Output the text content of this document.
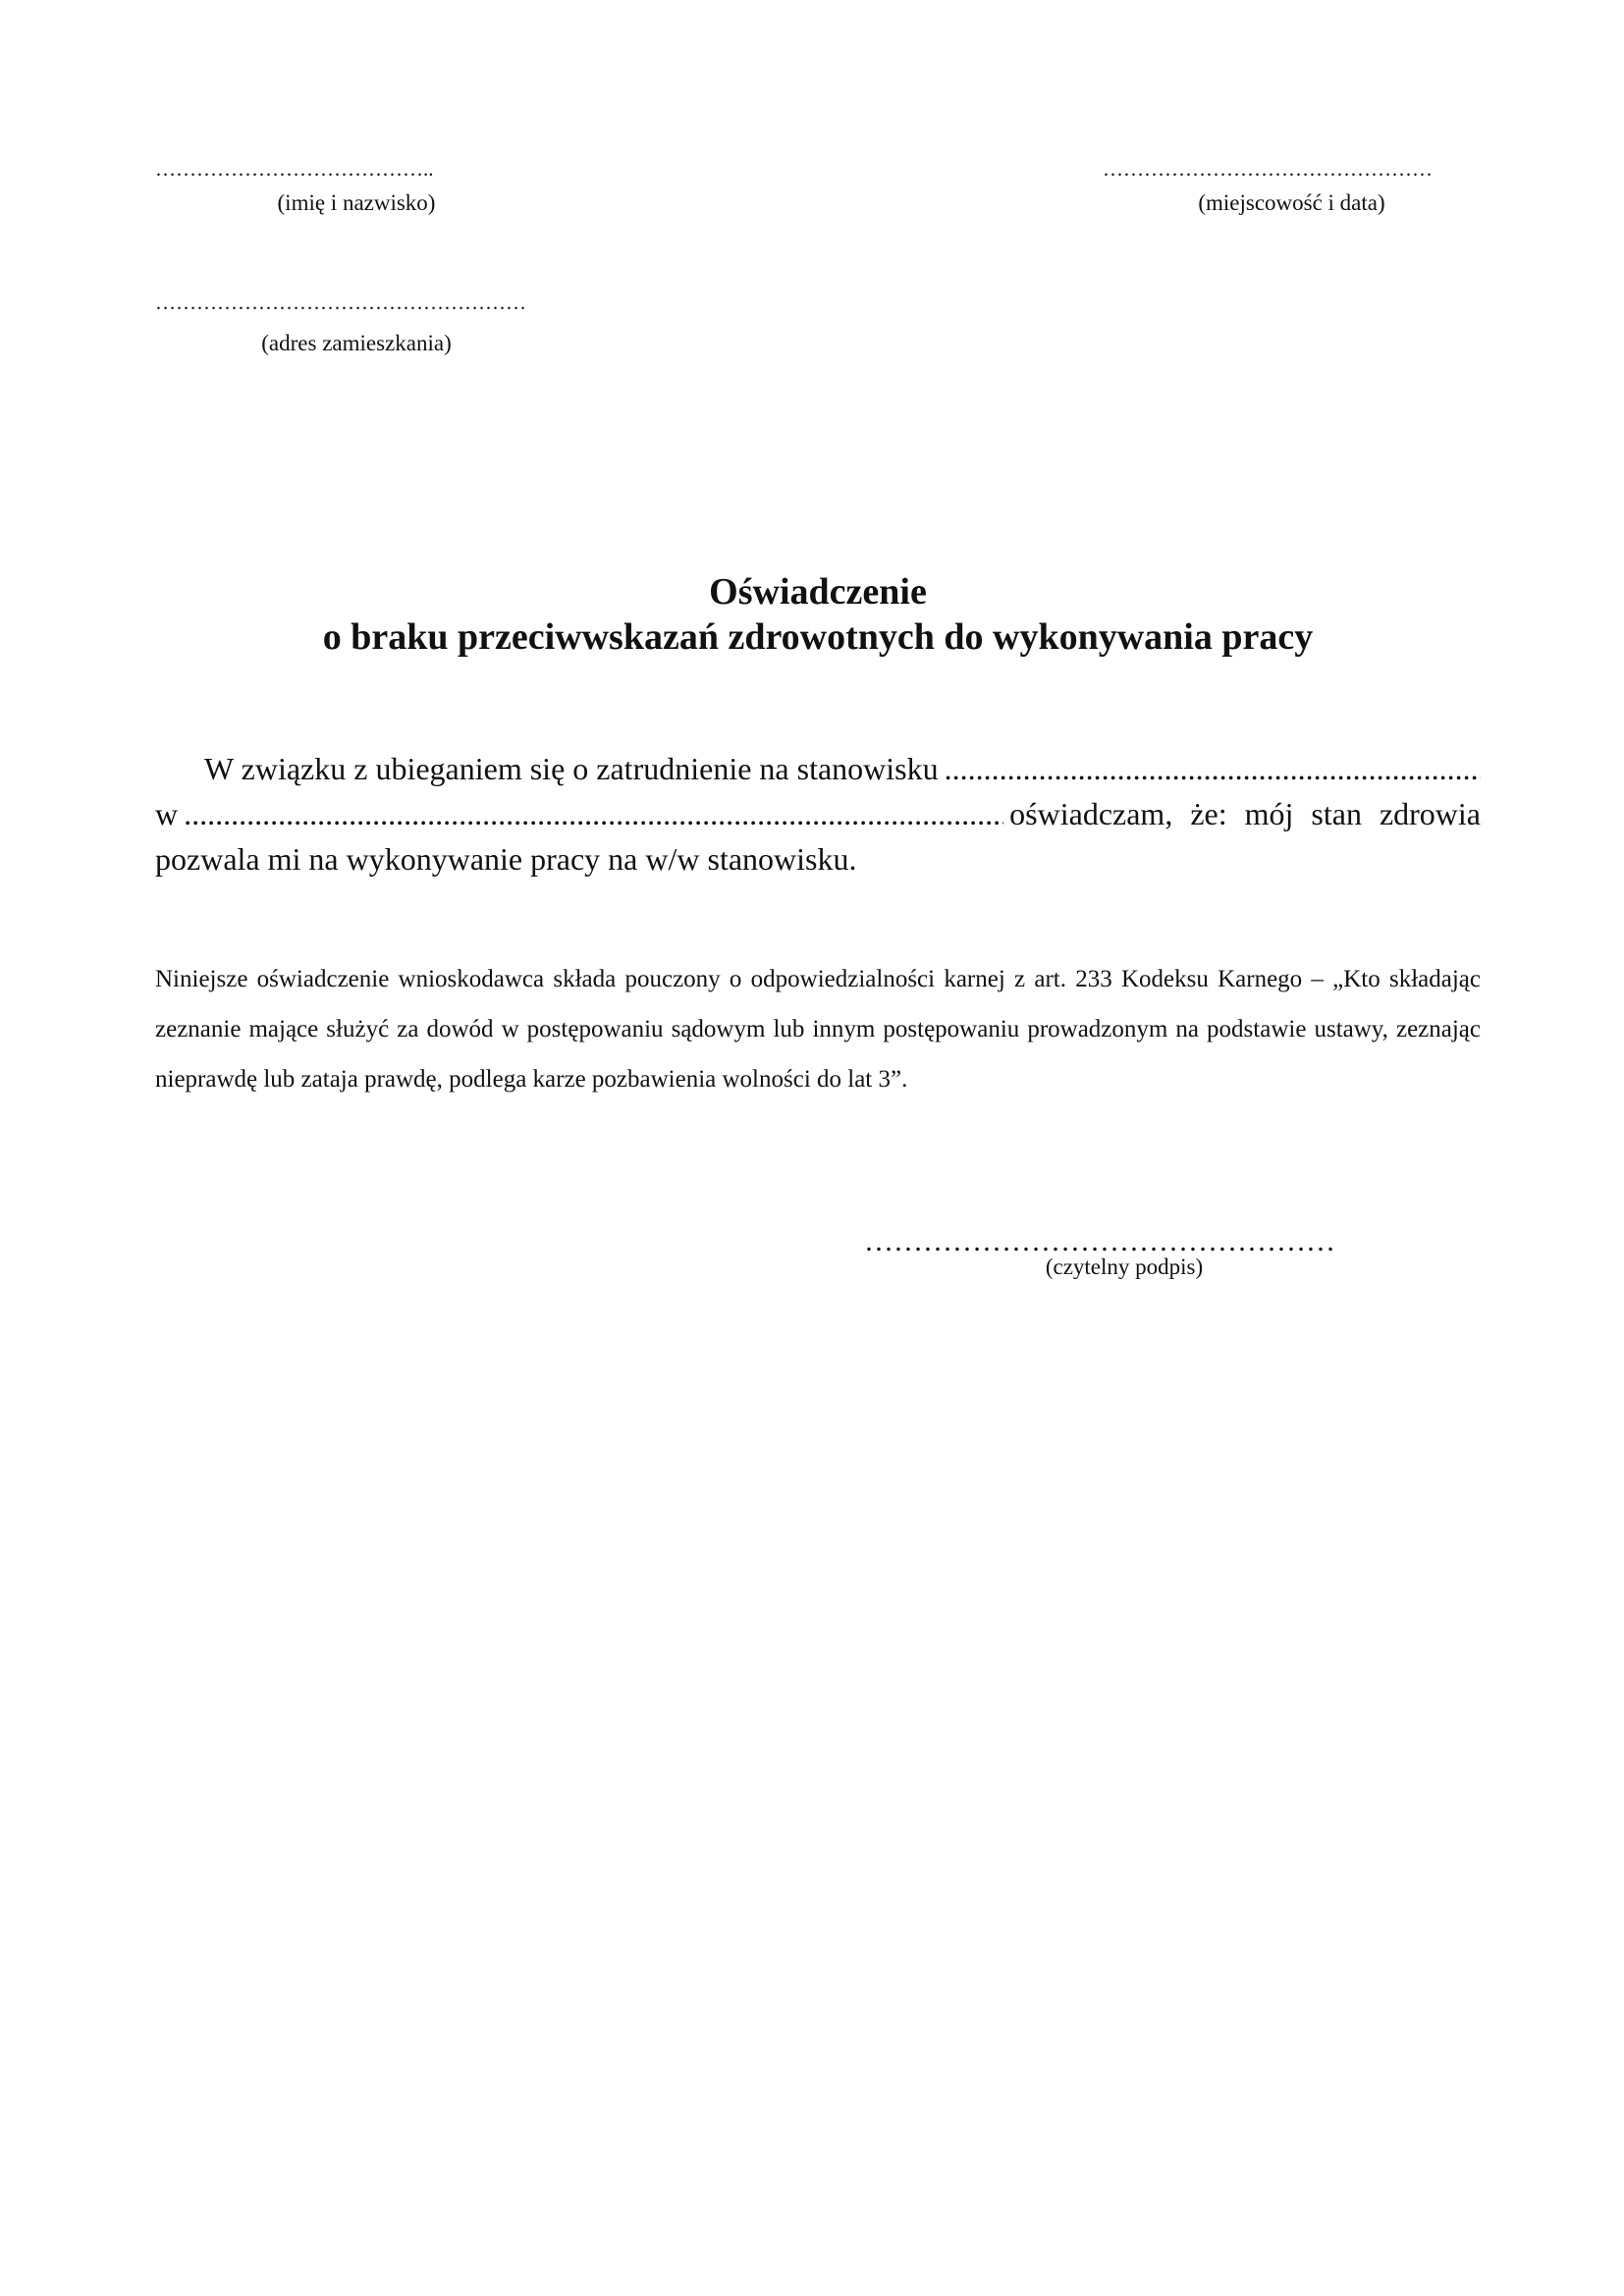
…………………………………..
(imię i nazwisko)
…………………………………………
(miejscowość i data)
………………………………………………
(adres zamieszkania)
Oświadczenie
o braku przeciwwskazań zdrowotnych do wykonywania pracy
W związku z ubieganiem się o zatrudnienie na stanowisku
.....
w
.....	oświadczam, że: mój stan zdrowia
pozwala mi na wykonywanie pracy na w/w stanowisku.
Niniejsze oświadczenie wnioskodawca składa pouczony o odpowiedzialności karnej z art. 233 Kodeksu Karnego – „Kto składając zeznanie mające służyć za dowód w postępowaniu sądowym lub innym postępowaniu prowadzonym na podstawie ustawy, zeznając nieprawdę lub zataja prawdę, podlega karze pozbawienia wolności do lat 3”.
…………………………………………
(czytelny podpis)
